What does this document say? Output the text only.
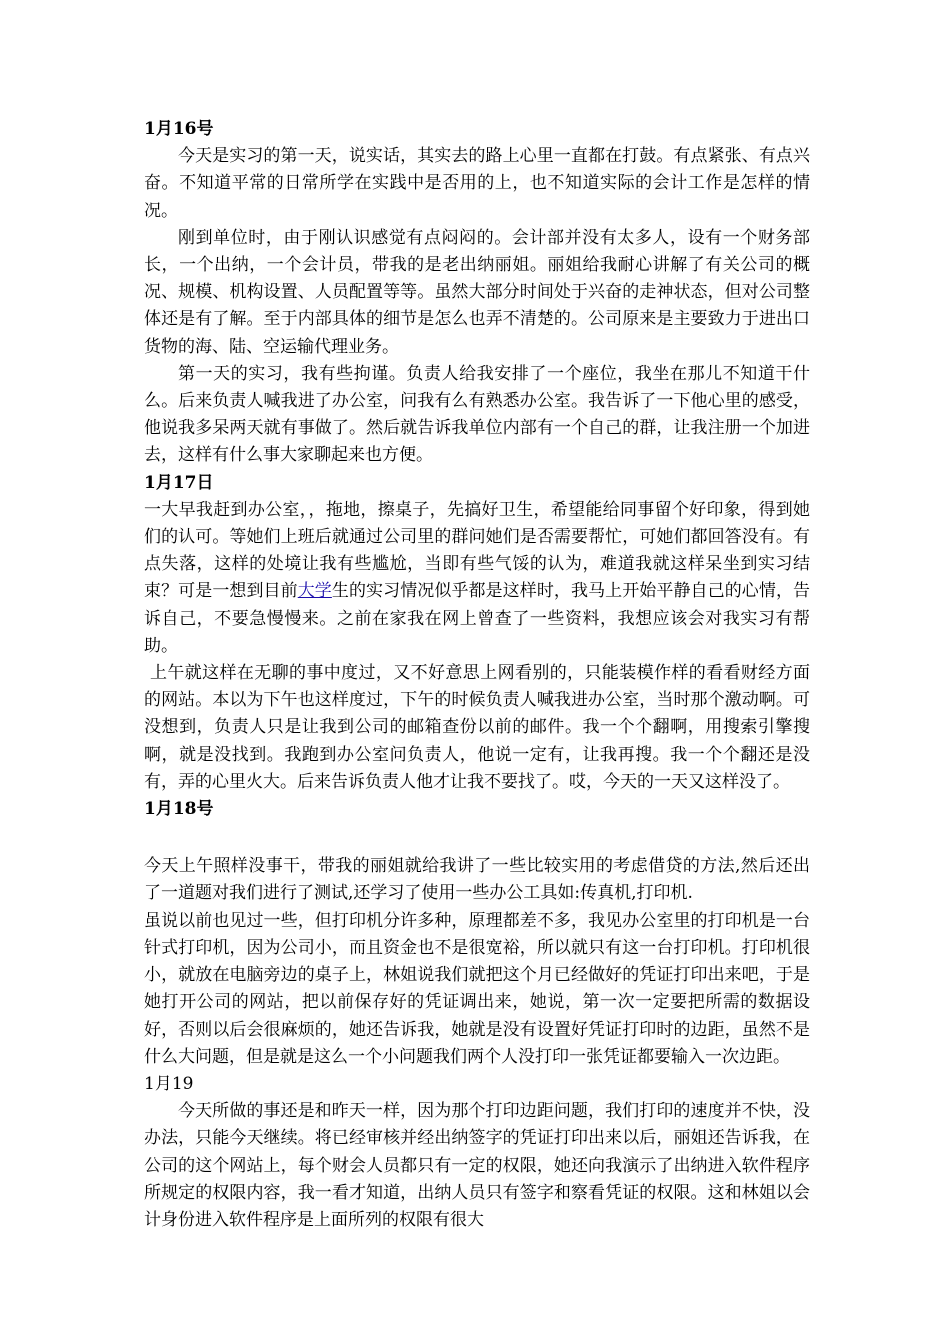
1月16号

今天是实习的第一天，说实话，其实去的路上心里一直都在打鼓。有点紧张、有点兴奋。不知道平常的日常所学在实践中是否用的上，也不知道实际的会计工作是怎样的情况。

刚到单位时，由于刚认识感觉有点闷闷的。会计部并没有太多人，设有一个财务部长，一个出纳，一个会计员，带我的是老出纳丽姐。丽姐给我耐心讲解了有关公司的概况、规模、机构设置、人员配置等等。虽然大部分时间处于兴奋的走神状态，但对公司整体还是有了解。至于内部具体的细节是怎么也弄不清楚的。公司原来是主要致力于进出口货物的海、陆、空运输代理业务。

第一天的实习，我有些拘谨。负责人给我安排了一个座位，我坐在那儿不知道干什么。后来负责人喊我进了办公室，问我有么有熟悉办公室。我告诉了一下他心里的感受，他说我多呆两天就有事做了。然后就告诉我单位内部有一个自己的群，让我注册一个加进去，这样有什么事大家聊起来也方便。

1月17日

一大早我赶到办公室，，拖地，擦桌子，先搞好卫生，希望能给同事留个好印象，得到她们的认可。等她们上班后就通过公司里的群问她们是否需要帮忙，可她们都回答没有。有点失落，这样的处境让我有些尴尬，当即有些气馁的认为，难道我就这样呆坐到实习结束？可是一想到目前大学生的实习情况似乎都是这样时，我马上开始平静自己的心情，告诉自己，不要急慢慢来。之前在家我在网上曾查了一些资料，我想应该会对我实习有帮助。

上午就这样在无聊的事中度过，又不好意思上网看别的，只能装模作样的看看财经方面的网站。本以为下午也这样度过，下午的时候负责人喊我进办公室，当时那个激动啊。可没想到，负责人只是让我到公司的邮箱查份以前的邮件。我一个个翻啊，用搜索引擎搜啊，就是没找到。我跑到办公室问负责人，他说一定有，让我再搜。我一个个翻还是没有，弄的心里火大。后来告诉负责人他才让我不要找了。哎，今天的一天又这样没了。

1月18号

今天上午照样没事干，带我的丽姐就给我讲了一些比较实用的考虑借贷的方法,然后还出了一道题对我们进行了测试,还学习了使用一些办公工具如:传真机,打印机.

虽说以前也见过一些，但打印机分许多种，原理都差不多，我见办公室里的打印机是一台针式打印机，因为公司小，而且资金也不是很宽裕，所以就只有这一台打印机。打印机很小，就放在电脑旁边的桌子上，林姐说我们就把这个月已经做好的凭证打印出来吧，于是她打开公司的网站，把以前保存好的凭证调出来，她说，第一次一定要把所需的数据设好，否则以后会很麻烦的，她还告诉我，她就是没有设置好凭证打印时的边距，虽然不是什么大问题，但是就是这么一个小问题我们两个人没打印一张凭证都要输入一次边距。

1月19

今天所做的事还是和昨天一样，因为那个打印边距问题，我们打印的速度并不快，没办法，只能今天继续。将已经审核并经出纳签字的凭证打印出来以后，丽姐还告诉我，在公司的这个网站上，每个财会人员都只有一定的权限，她还向我演示了出纳进入软件程序所规定的权限内容，我一看才知道，出纳人员只有签字和察看凭证的权限。这和林姐以会计身份进入软件程序是上面所列的权限有很大
